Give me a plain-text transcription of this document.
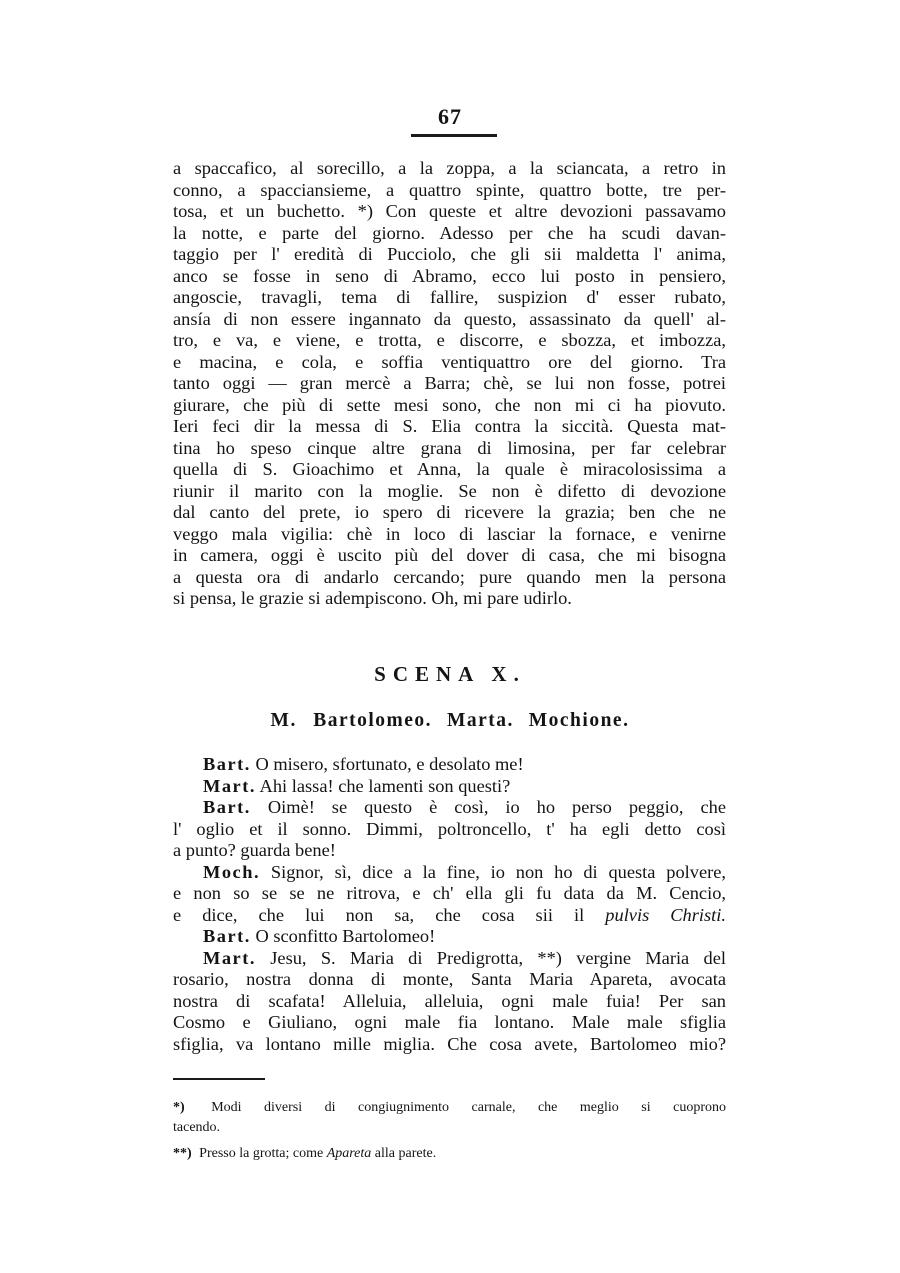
67
a spaccafico, al sorecillo, a la zoppa, a la sciancata, a retro in
conno, a spacciansieme, a quattro spinte, quattro botte, tre per-
tosa, et un buchetto. *) Con queste et altre devozioni passavamo
la notte, e parte del giorno. Adesso per che ha scudi davan-
taggio per l' eredità di Pucciolo, che gli sii maldetta l' anima,
anco se fosse in seno di Abramo, ecco lui posto in pensiero,
angoscie, travagli, tema di fallire, suspizion d' esser rubato,
ansía di non essere ingannato da questo, assassinato da quell' al-
tro, e va, e viene, e trotta, e discorre, e sbozza, et imbozza,
e macina, e cola, e soffia ventiquattro ore del giorno. Tra
tanto oggi — gran mercè a Barra; chè, se lui non fosse, potrei
giurare, che più di sette mesi sono, che non mi ci ha piovuto.
Ieri feci dir la messa di S. Elia contra la siccità. Questa mat-
tina ho speso cinque altre grana di limosina, per far celebrar
quella di S. Gioachimo et Anna, la quale è miracolosissima a
riunir il marito con la moglie. Se non è difetto di devozione
dal canto del prete, io spero di ricevere la grazia; ben che ne
veggo mala vigilia: chè in loco di lasciar la fornace, e venirne
in camera, oggi è uscito più del dover di casa, che mi bisogna
a questa ora di andarlo cercando; pure quando men la persona
si pensa, le grazie si adempiscono. Oh, mi pare udirlo.
SCENA X.
M. Bartolomeo. Marta. Mochione.
Bart. O misero, sfortunato, e desolato me!
Mart. Ahi lassa! che lamenti son questi?
Bart. Oimè! se questo è così, io ho perso peggio, che
l' oglio et il sonno. Dimmi, poltroncello, t' ha egli detto così
a punto? guarda bene!
Moch. Signor, sì, dice a la fine, io non ho di questa polvere,
e non so se se ne ritrova, e ch' ella gli fu data da M. Cencio,
e dice, che lui non sa, che cosa sii il pulvis Christi.
Bart. O sconfitto Bartolomeo!
Mart. Jesu, S. Maria di Predigrotta, **) vergine Maria del
rosario, nostra donna di monte, Santa Maria Apareta, avocata
nostra di scafata! Alleluia, alleluia, ogni male fuia! Per san
Cosmo e Giuliano, ogni male fia lontano. Male male sfiglia
sfiglia, va lontano mille miglia. Che cosa avete, Bartolomeo mio?
*) Modi diversi di congiugnimento carnale, che meglio si cuoprono
tacendo.
**) Presso la grotta; come Apareta alla parete.
